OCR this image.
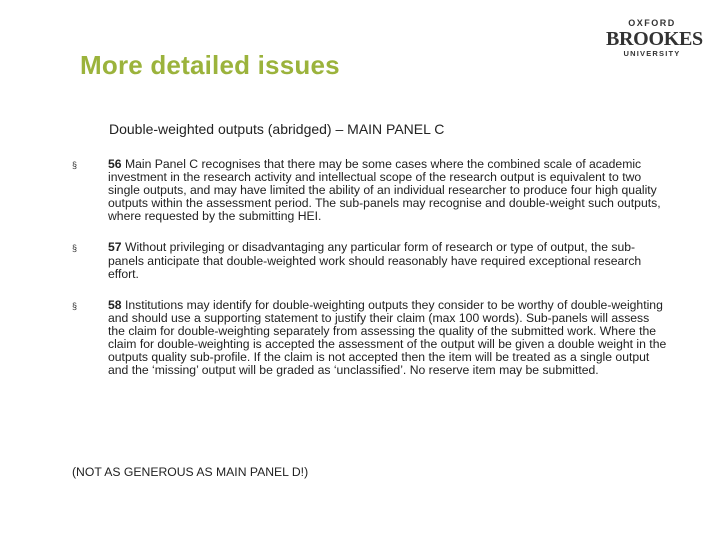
More detailed issues
OXFORD
BROOKES
UNIVERSITY
Double-weighted outputs (abridged) – MAIN PANEL C
§	56 Main Panel C recognises that there may be some cases where the combined scale of academic investment in the research activity and intellectual scope of the research output is equivalent to two single outputs, and may have limited the ability of an individual researcher to produce four high quality outputs within the assessment period. The sub-panels may recognise and double-weight such outputs, where requested by the submitting HEI.
§	57 Without privileging or disadvantaging any particular form of research or type of output, the sub-panels anticipate that double-weighted work should reasonably have required exceptional research effort.
§	58 Institutions may identify for double-weighting outputs they consider to be worthy of double-weighting and should use a supporting statement to justify their claim (max 100 words). Sub-panels will assess the claim for double-weighting separately from assessing the quality of the submitted work. Where the claim for double-weighting is accepted the assessment of the output will be given a double weight in the outputs quality sub-profile. If the claim is not accepted then the item will be treated as a single output and the ‘missing’ output will be graded as ‘unclassified’. No reserve item may be submitted.

(NOT AS GENEROUS AS MAIN PANEL D!)
